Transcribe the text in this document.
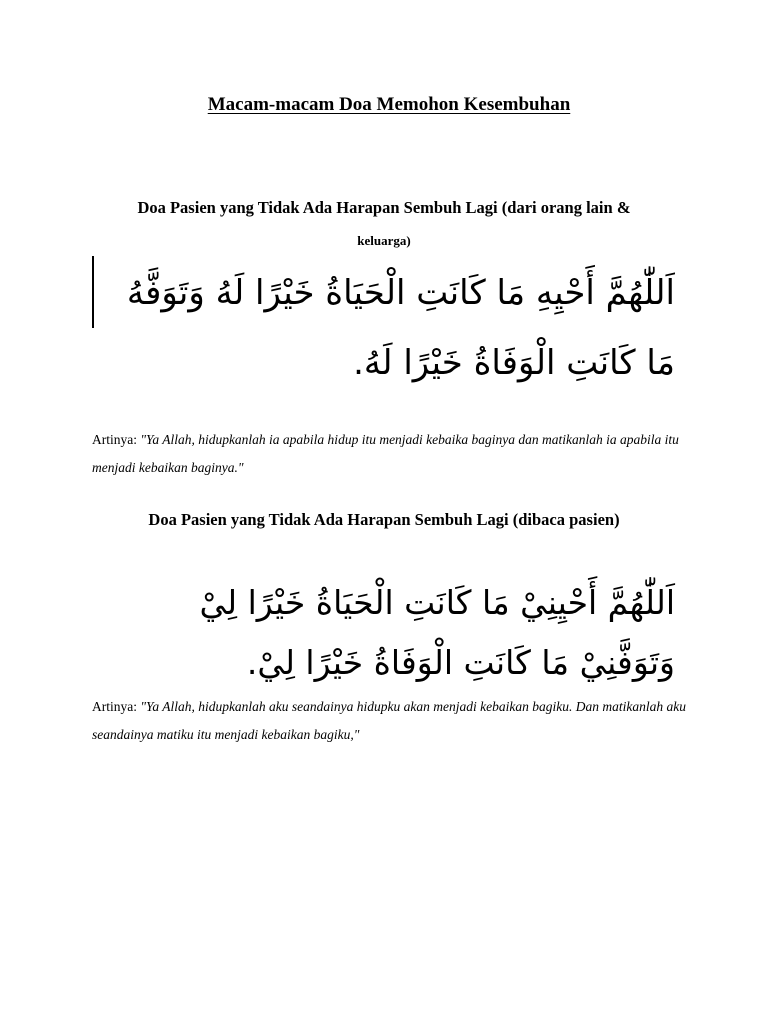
Macam-macam Doa Memohon Kesembuhan
Doa Pasien yang Tidak Ada Harapan Sembuh Lagi (dari orang lain &
keluarga)

اَللّٰهُمَّ أَحْيِهِ مَا كَانَتِ الْحَيَاةُ خَيْرًا لَهُ وَتَوَفَّهُ

مَا كَانَتِ الْوَفَاةُ خَيْرًا لَهُ.

Artinya: "Ya Allah, hidupkanlah ia apabila hidup itu menjadi kebaika baginya dan matikanlah ia apabila itu menjadi kebaikan baginya."

Doa Pasien yang Tidak Ada Harapan Sembuh Lagi (dibaca pasien)

اَللّٰهُمَّ أَحْيِنِيْ مَا كَانَتِ الْحَيَاةُ خَيْرًا لِيْ

وَتَوَفَّنِيْ مَا كَانَتِ الْوَفَاةُ خَيْرًا لِيْ.

Artinya: "Ya Allah, hidupkanlah aku seandainya hidupku akan menjadi kebaikan bagiku. Dan matikanlah aku seandainya matiku itu menjadi kebaikan bagiku,"
